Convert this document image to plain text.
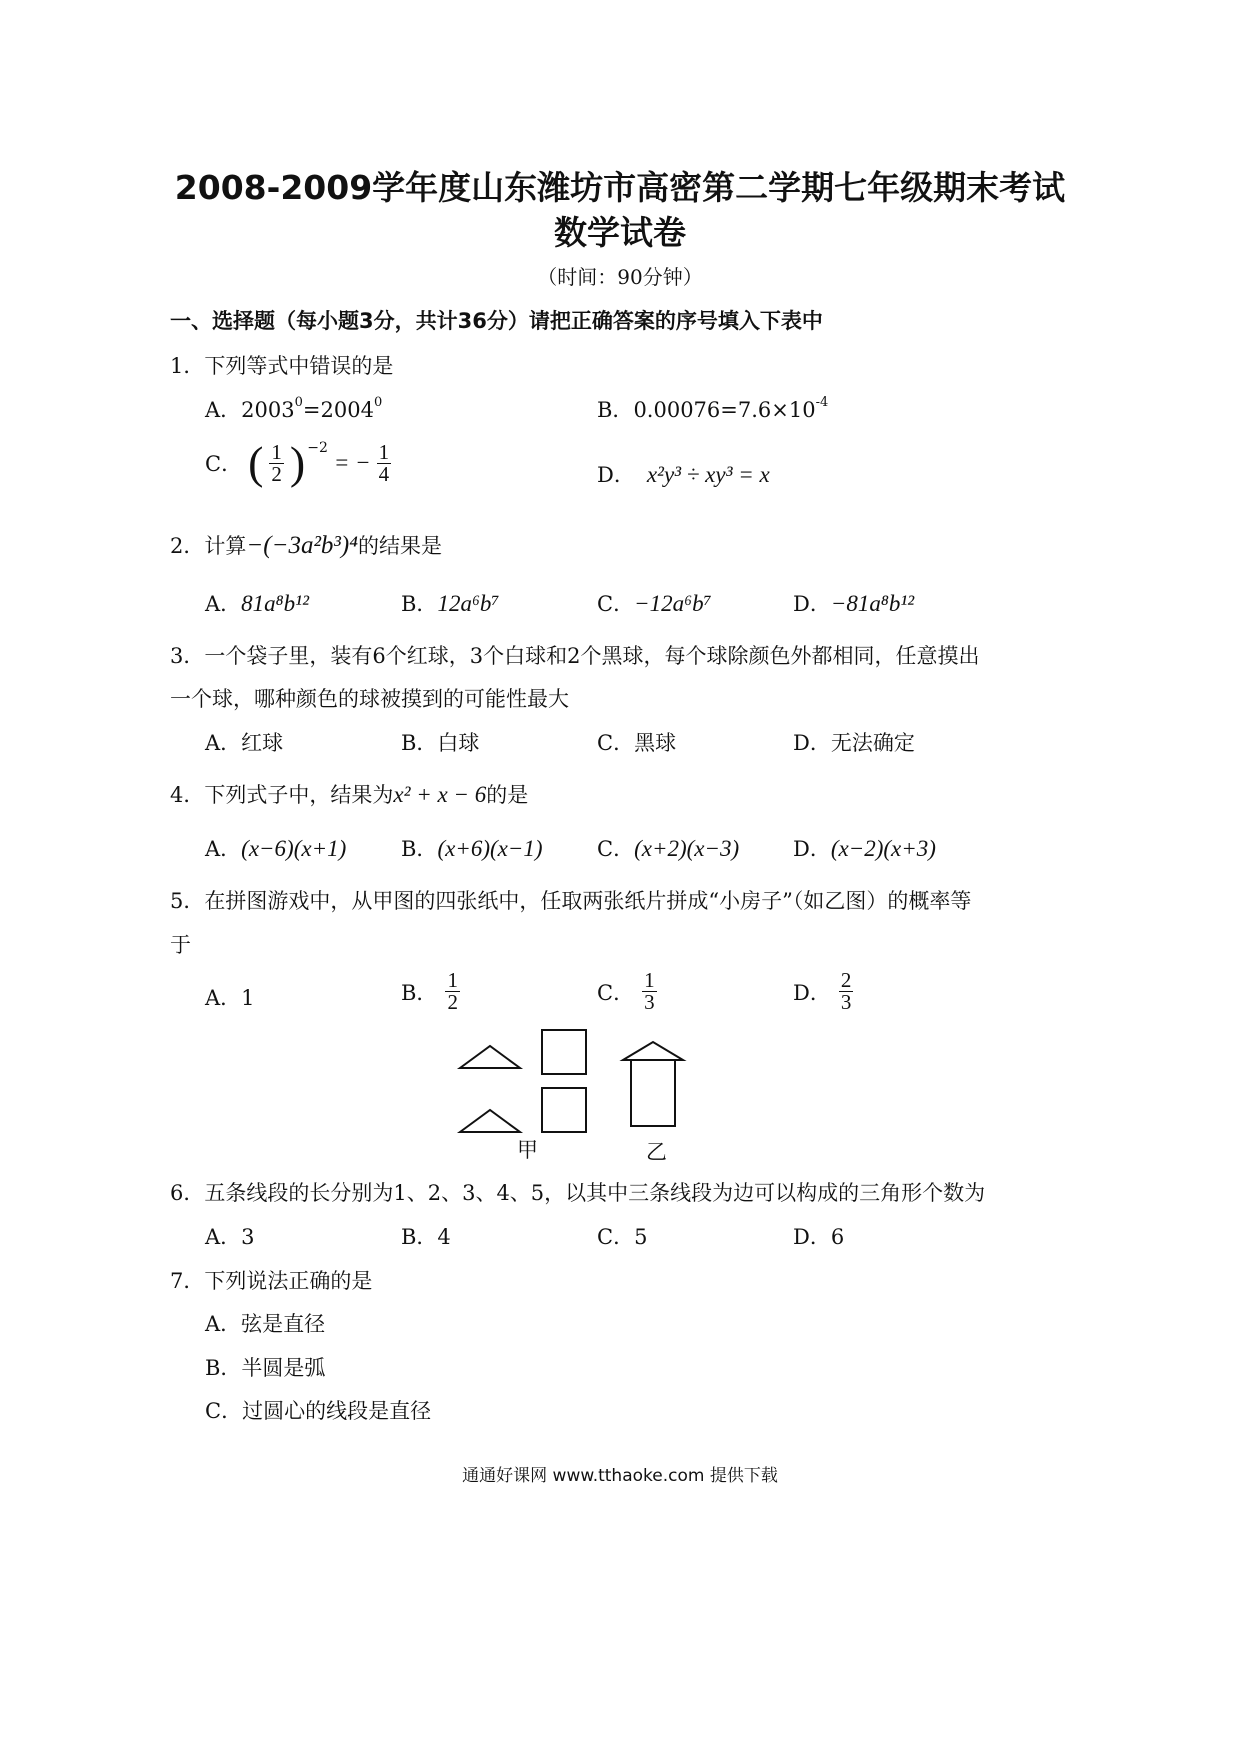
2008-2009学年度山东潍坊市高密第二学期七年级期末考试
数学试卷
（时间：90分钟）
一、选择题（每小题3分，共计36分）请把正确答案的序号填入下表中
1．下列等式中错误的是
A．$2003^0=2004^0$	B．$0.00076=7.6\times 10^{-4}$
C． ( $\frac{1}{2}$ ) −2
= − $\frac{1}{4}$	D． x²y³ ÷ xy³ = x
2．计算−(−3a²b³)⁴的结果是
A．81a⁸b¹²	B．12a⁶b⁷	C．−12a⁶b⁷	D．−81a⁸b¹²
3．一个袋子里，装有6个红球，3个白球和2个黑球，每个球除颜色外都相同，任意摸出
一个球，哪种颜色的球被摸到的可能性最大
A．红球	B．白球	C．黑球	D．无法确定
4．下列式子中，结果为x² + x − 6的是
A．(x−6)(x+1)	B．(x+6)(x−1)	C．(x+2)(x−3)	D．(x−2)(x+3)
5．在拼图游戏中，从甲图的四张纸中，任取两张纸片拼成“小房子”（如乙图）的概率等
于
A．1	B． $\frac{1}{2}$	C． $\frac{1}{3}$	D． $\frac{2}{3}$
甲	乙
6．五条线段的长分别为1、2、3、4、5，以其中三条线段为边可以构成的三角形个数为
A．3	B．4	C．5	D．6
7．下列说法正确的是
A．弦是直径
B．半圆是弧
C．过圆心的线段是直径
通通好课网 www.tthaoke.com 提供下载
